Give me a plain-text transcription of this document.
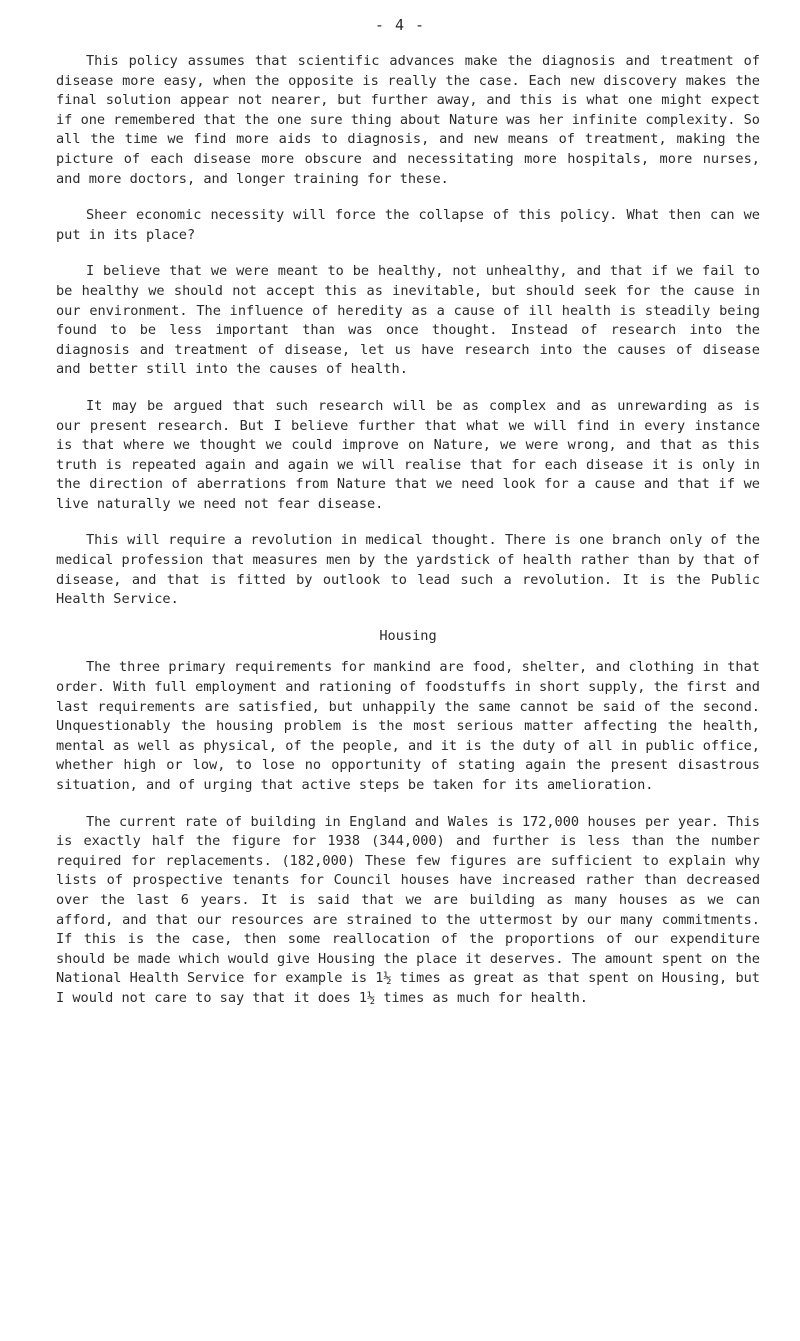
- 4 -

This policy assumes that scientific advances make the diagnosis and treatment of disease more easy, when the opposite is really the case. Each new discovery makes the final solution appear not nearer, but further away, and this is what one might expect if one remembered that the one sure thing about Nature was her infinite complexity. So all the time we find more aids to diagnosis, and new means of treatment, making the picture of each disease more obscure and necessitating more hospitals, more nurses, and more doctors, and longer training for these.

Sheer economic necessity will force the collapse of this policy. What then can we put in its place?

I believe that we were meant to be healthy, not unhealthy, and that if we fail to be healthy we should not accept this as inevitable, but should seek for the cause in our environment. The influence of heredity as a cause of ill health is steadily being found to be less important than was once thought. Instead of research into the diagnosis and treatment of disease, let us have research into the causes of disease and better still into the causes of health.

It may be argued that such research will be as complex and as unrewarding as is our present research. But I believe further that what we will find in every instance is that where we thought we could improve on Nature, we were wrong, and that as this truth is repeated again and again we will realise that for each disease it is only in the direction of aberrations from Nature that we need look for a cause and that if we live naturally we need not fear disease.

This will require a revolution in medical thought. There is one branch only of the medical profession that measures men by the yardstick of health rather than by that of disease, and that is fitted by outlook to lead such a revolution. It is the Public Health Service.

Housing

The three primary requirements for mankind are food, shelter, and clothing in that order. With full employment and rationing of foodstuffs in short supply, the first and last requirements are satisfied, but unhappily the same cannot be said of the second. Unquestionably the housing problem is the most serious matter affecting the health, mental as well as physical, of the people, and it is the duty of all in public office, whether high or low, to lose no opportunity of stating again the present disastrous situation, and of urging that active steps be taken for its amelioration.

The current rate of building in England and Wales is 172,000 houses per year. This is exactly half the figure for 1938 (344,000) and further is less than the number required for replacements. (182,000) These few figures are sufficient to explain why lists of prospective tenants for Council houses have increased rather than decreased over the last 6 years. It is said that we are building as many houses as we can afford, and that our resources are strained to the uttermost by our many commitments. If this is the case, then some reallocation of the proportions of our expenditure should be made which would give Housing the place it deserves. The amount spent on the National Health Service for example is 1½ times as great as that spent on Housing, but I would not care to say that it does 1½ times as much for health.
